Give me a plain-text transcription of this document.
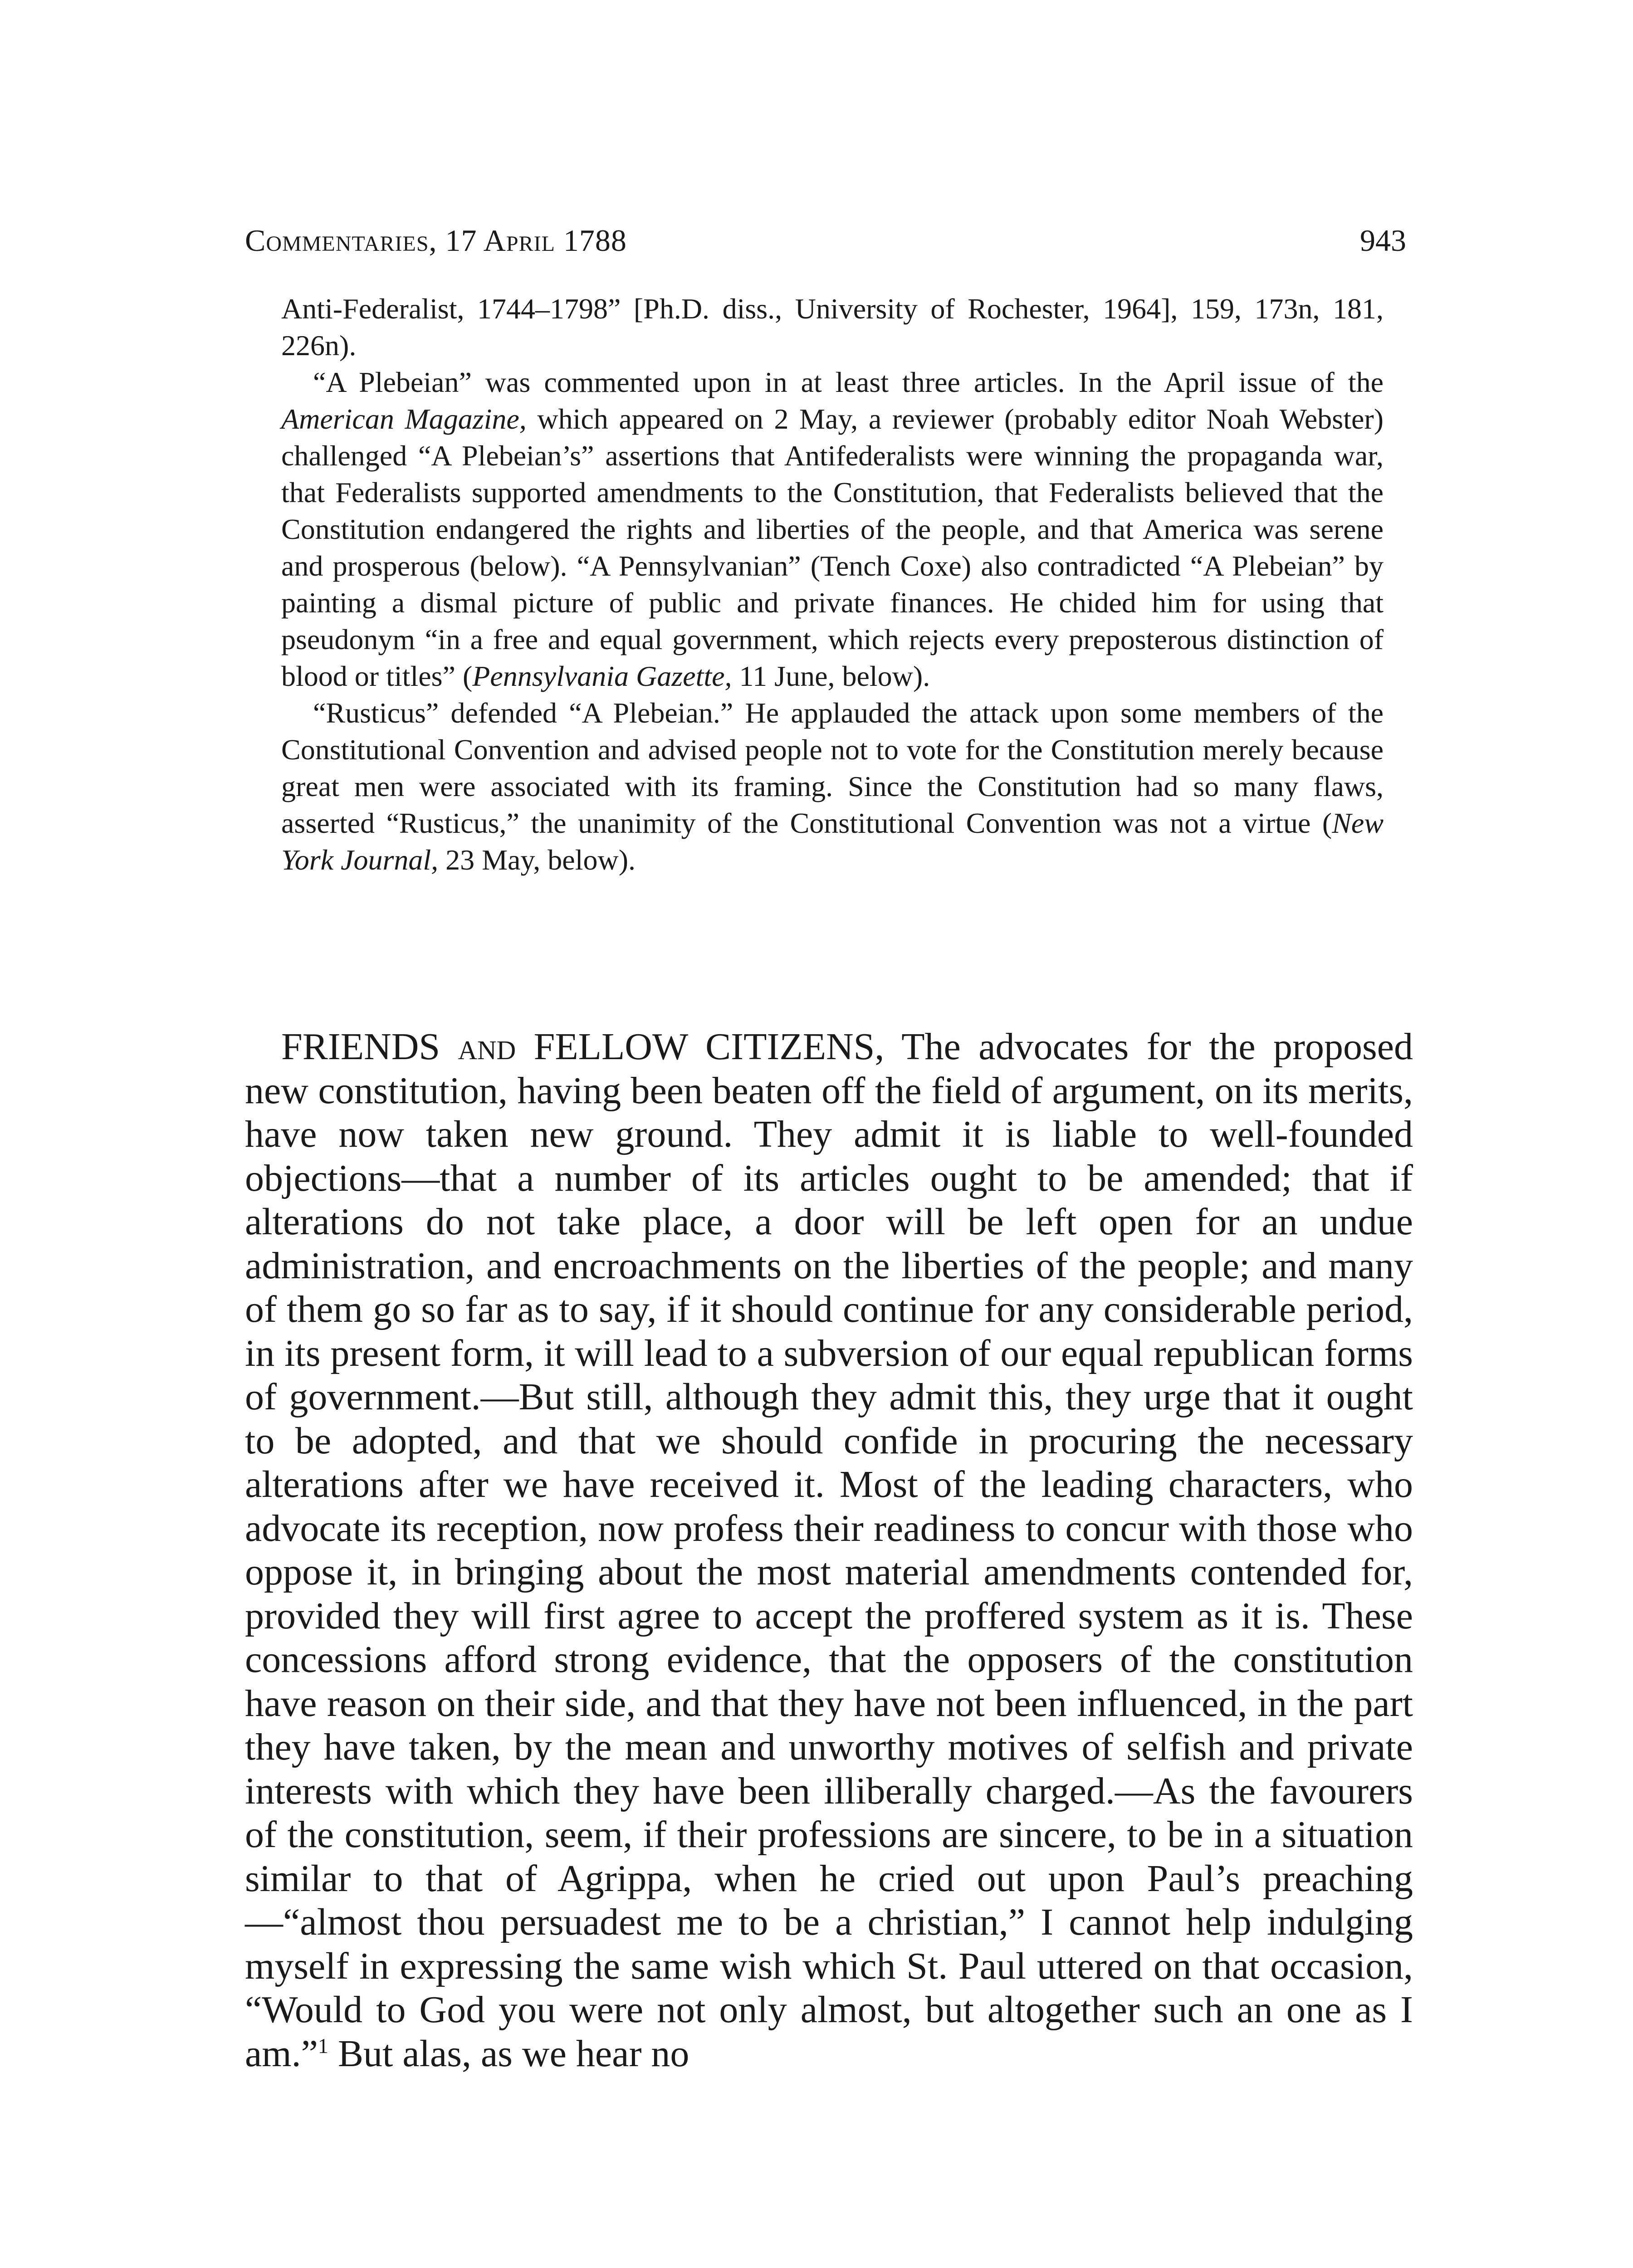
Commentaries, 17 April 1788	943

Anti-Federalist, 1744–1798” [Ph.D. diss., University of Rochester, 1964], 159, 173n, 181, 226n).

“A Plebeian” was commented upon in at least three articles. In the April issue of the American Magazine, which appeared on 2 May, a reviewer (probably editor Noah Webster) challenged “A Plebeian’s” assertions that Antifederalists were winning the propaganda war, that Federalists supported amendments to the Constitution, that Federalists believed that the Constitution endangered the rights and liberties of the people, and that America was serene and prosperous (below). “A Pennsylvanian” (Tench Coxe) also contradicted “A Plebeian” by painting a dismal picture of public and private finances. He chided him for using that pseudonym “in a free and equal government, which rejects every preposterous distinction of blood or titles” (Pennsylvania Gazette, 11 June, below).

“Rusticus” defended “A Plebeian.” He applauded the attack upon some members of the Constitutional Convention and advised people not to vote for the Constitution merely because great men were associated with its framing. Since the Constitution had so many flaws, asserted “Rusticus,” the unanimity of the Constitutional Convention was not a virtue (New York Journal, 23 May, below).

FRIENDS and FELLOW CITIZENS, The advocates for the proposed new constitution, having been beaten off the field of argument, on its merits, have now taken new ground. They admit it is liable to well-founded objections—that a number of its articles ought to be amended; that if alterations do not take place, a door will be left open for an undue administration, and encroachments on the liberties of the people; and many of them go so far as to say, if it should continue for any considerable period, in its present form, it will lead to a subversion of our equal republican forms of government.—But still, although they admit this, they urge that it ought to be adopted, and that we should confide in procuring the necessary alterations after we have received it. Most of the leading characters, who advocate its reception, now profess their readiness to concur with those who oppose it, in bringing about the most material amendments contended for, provided they will first agree to accept the proffered system as it is. These concessions afford strong evidence, that the opposers of the constitution have reason on their side, and that they have not been influenced, in the part they have taken, by the mean and unworthy motives of selfish and private interests with which they have been illiberally charged.—As the favourers of the constitution, seem, if their professions are sincere, to be in a situation similar to that of Agrippa, when he cried out upon Paul’s preaching—“almost thou persuadest me to be a christian,” I cannot help indulging myself in expressing the same wish which St. Paul uttered on that occasion, “Would to God you were not only almost, but altogether such an one as I am.”$^1$ But alas, as we hear no
